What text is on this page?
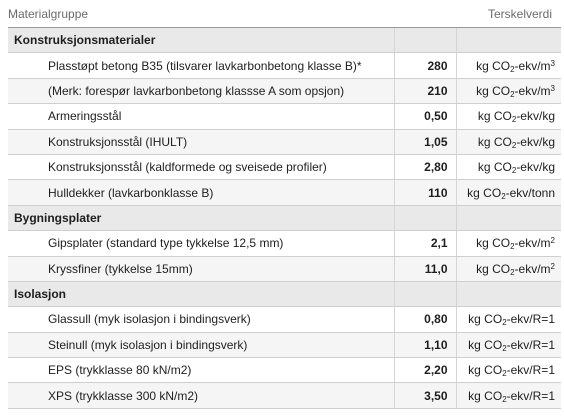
Materialgruppe	Terskelverdi
Konstruksjonsmaterialer		
Plasstøpt betong B35 (tilsvarer lavkarbonbetong klasse B)*	280	kg $CO2-ekv/m^3$
(Merk: forespør lavkarbonbetong klassse A som opsjon)	210	kg $CO2-ekv/m^3$
Armeringsstål	0,50	kg CO2-ekv/kg
Konstruksjonsstål (IHULT)	1,05	kg CO2-ekv/kg
Konstruksjonsstål (kaldformede og sveisede profiler)	2,80	kg CO2-ekv/kg
Hulldekker (lavkarbonklasse B)	110	kg CO2-ekv/tonn
Bygningsplater		
Gipsplater (standard type tykkelse 12,5 mm)	2,1	kg $CO2-ekv/m^2$
Kryssfiner (tykkelse 15mm)	11,0	kg $CO2-ekv/m^2$
Isolasjon		
Glassull (myk isolasjon i bindingsverk)	0,80	kg CO2-ekv/R=1
Steinull (myk isolasjon i bindingsverk)	1,10	kg CO2-ekv/R=1
EPS (trykklasse 80 kN/m2)	2,20	kg CO2-ekv/R=1
XPS (trykklasse 300 kN/m2)	3,50	kg CO2-ekv/R=1
